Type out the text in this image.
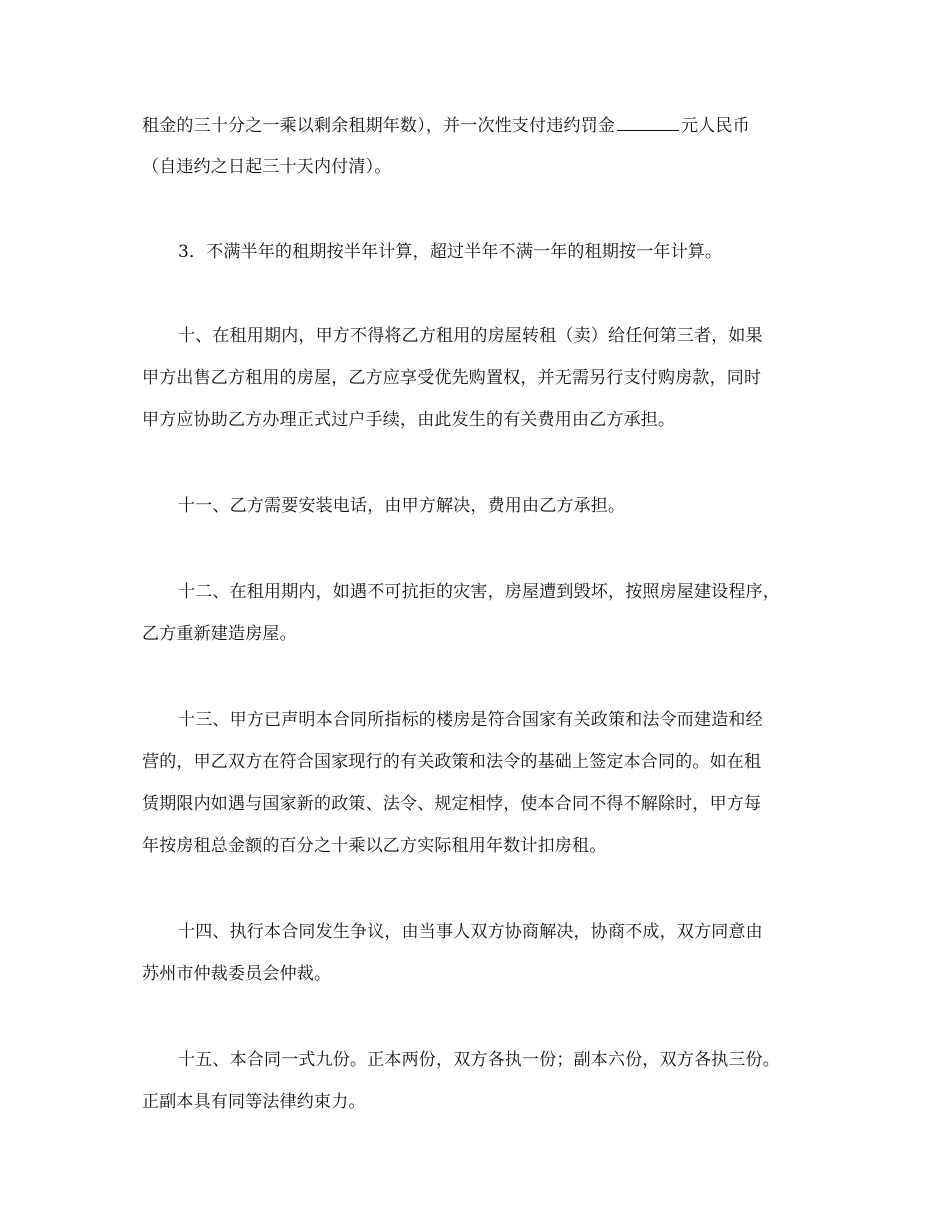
租金的三十分之一乘以剩余租期年数），并一次性支付违约罚金	元人民币
（自违约之日起三十天内付清）。
3．不满半年的租期按半年计算，超过半年不满一年的租期按一年计算。
十、在租用期内，甲方不得将乙方租用的房屋转租（卖）给任何第三者，如果
甲方出售乙方租用的房屋，乙方应享受优先购置权，并无需另行支付购房款，同时
甲方应协助乙方办理正式过户手续，由此发生的有关费用由乙方承担。
十一、乙方需要安装电话，由甲方解决，费用由乙方承担。
十二、在租用期内，如遇不可抗拒的灾害，房屋遭到毁坏，按照房屋建设程序，
乙方重新建造房屋。
十三、甲方已声明本合同所指标的楼房是符合国家有关政策和法令而建造和经
营的，甲乙双方在符合国家现行的有关政策和法令的基础上签定本合同的。如在租
赁期限内如遇与国家新的政策、法令、规定相悖，使本合同不得不解除时，甲方每
年按房租总金额的百分之十乘以乙方实际租用年数计扣房租。
十四、执行本合同发生争议，由当事人双方协商解决，协商不成，双方同意由
苏州市仲裁委员会仲裁。
十五、本合同一式九份。正本两份，双方各执一份；副本六份，双方各执三份。
正副本具有同等法律约束力。
